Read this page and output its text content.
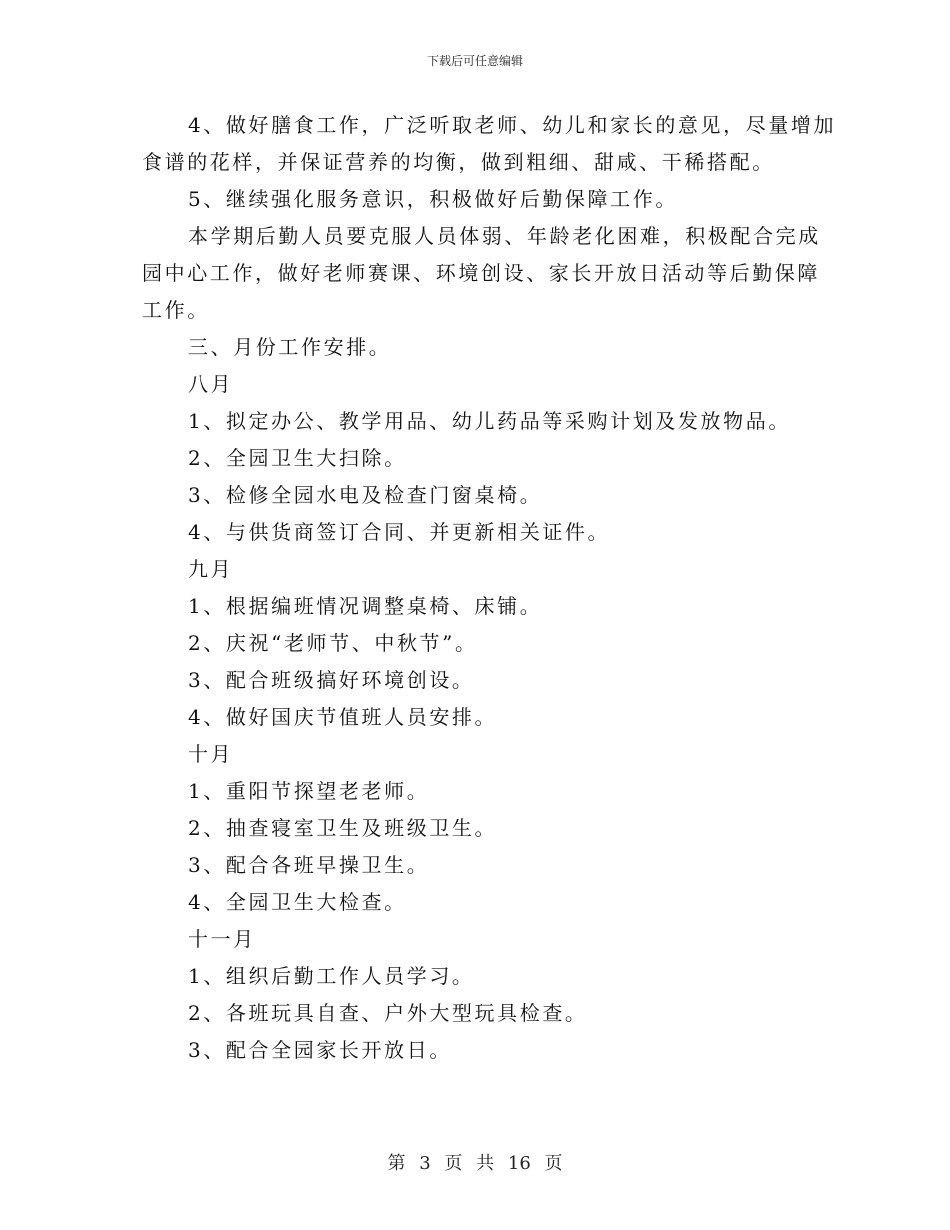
下载后可任意编辑
4、做好膳食工作，广泛听取老师、幼儿和家长的意见，尽量增加
食谱的花样，并保证营养的均衡，做到粗细、甜咸、干稀搭配。
5、继续强化服务意识，积极做好后勤保障工作。
本学期后勤人员要克服人员体弱、年龄老化困难，积极配合完成
园中心工作，做好老师赛课、环境创设、家长开放日活动等后勤保障
工作。
三、月份工作安排。
八月
1、拟定办公、教学用品、幼儿药品等采购计划及发放物品。
2、全园卫生大扫除。
3、检修全园水电及检查门窗桌椅。
4、与供货商签订合同、并更新相关证件。
九月
1、根据编班情况调整桌椅、床铺。
2、庆祝“老师节、中秋节”。
3、配合班级搞好环境创设。
4、做好国庆节值班人员安排。
十月
1、重阳节探望老老师。
2、抽查寝室卫生及班级卫生。
3、配合各班早操卫生。
4、全园卫生大检查。
十一月
1、组织后勤工作人员学习。
2、各班玩具自查、户外大型玩具检查。
3、配合全园家长开放日。
第 3 页 共 16 页
